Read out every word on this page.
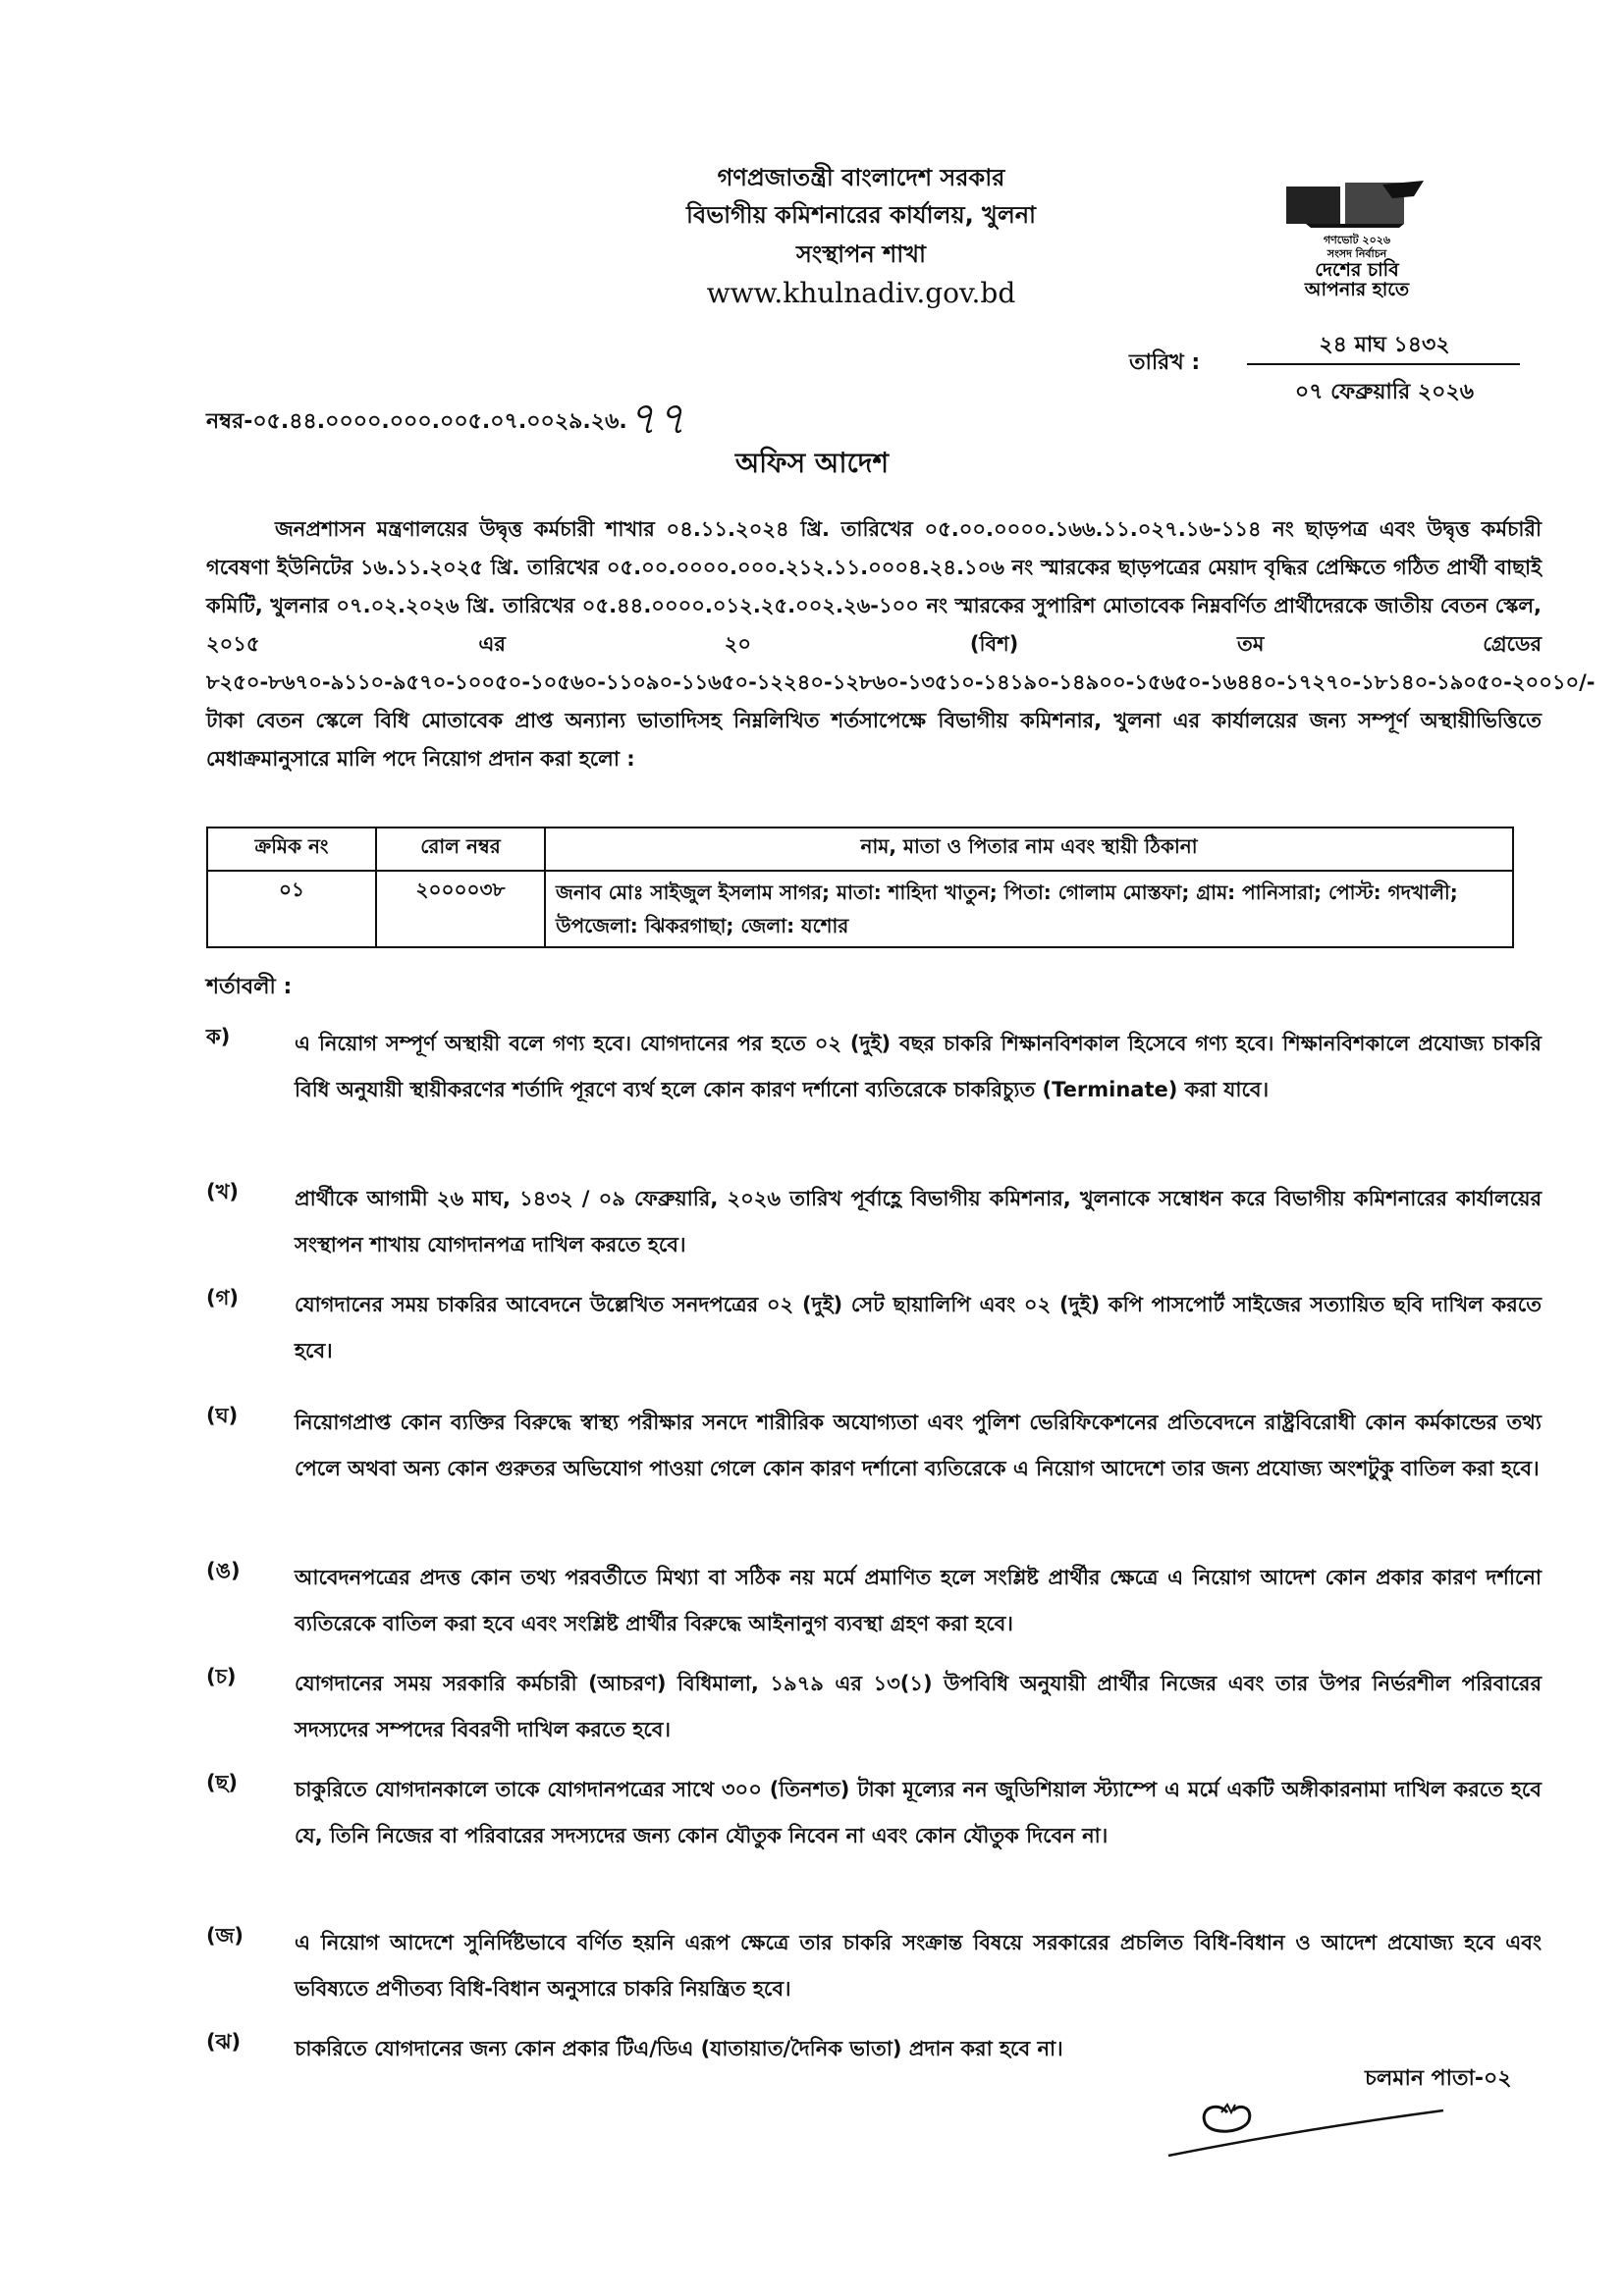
গণপ্রজাতন্ত্রী বাংলাদেশ সরকার
বিভাগীয় কমিশনারের কার্যালয়, খুলনা
সংস্থাপন শাখা
www.khulnadiv.gov.bd
গণভোট ২০২৬
সংসদ নির্বাচন
দেশের চাবি
আপনার হাতে
নম্বর-০৫.৪৪.০০০০.০০০.০০৫.০৭.০০২৯.২৬.৭৭
তারিখ :
২৪ মাঘ ১৪৩২
০৭ ফেব্রুয়ারি ২০২৬
অফিস আদেশ
জনপ্রশাসন মন্ত্রণালয়ের উদ্বৃত্ত কর্মচারী শাখার ০৪.১১.২০২৪ খ্রি. তারিখের ০৫.০০.০০০০.১৬৬.১১.০২৭.১৬-১১৪ নং ছাড়পত্র এবং উদ্বৃত্ত কর্মচারী গবেষণা ইউনিটের ১৬.১১.২০২৫ খ্রি. তারিখের ০৫.০০.০০০০.০০০.২১২.১১.০০০৪.২৪.১০৬ নং স্মারকের ছাড়পত্রের মেয়াদ বৃদ্ধির প্রেক্ষিতে গঠিত প্রার্থী বাছাই কমিটি, খুলনার ০৭.০২.২০২৬ খ্রি. তারিখের ০৫.৪৪.০০০০.০১২.২৫.০০২.২৬-১০০ নং স্মারকের সুপারিশ মোতাবেক নিম্নবর্ণিত প্রার্থীদেরকে জাতীয় বেতন স্কেল, ২০১৫ এর ২০ (বিশ) তম গ্রেডের ৮২৫০-৮৬৭০-৯১১০-৯৫৭০-১০০৫০-১০৫৬০-১১০৯০-১১৬৫০-১২২৪০-১২৮৬০-১৩৫১০-১৪১৯০-১৪৯০০-১৫৬৫০-১৬৪৪০-১৭২৭০-১৮১৪০-১৯০৫০-২০০১০/-টাকা বেতন স্কেলে বিধি মোতাবেক প্রাপ্ত অন্যান্য ভাতাদিসহ নিম্নলিখিত শর্তসাপেক্ষে বিভাগীয় কমিশনার, খুলনা এর কার্যালয়ের জন্য সম্পূর্ণ অস্থায়ীভিত্তিতে মেধাক্রমানুসারে মালি পদে নিয়োগ প্রদান করা হলো :
ক্রমিক নং	রোল নম্বর	নাম, মাতা ও পিতার নাম এবং স্থায়ী ঠিকানা
০১	২০০০০৩৮	জনাব মোঃ সাইজুল ইসলাম সাগর; মাতা: শাহিদা খাতুন; পিতা: গোলাম মোস্তফা; গ্রাম: পানিসারা; পোস্ট: গদখালী; উপজেলা: ঝিকরগাছা; জেলা: যশোর
শর্তাবলী :
ক)	এ নিয়োগ সম্পূর্ণ অস্থায়ী বলে গণ্য হবে। যোগদানের পর হতে ০২ (দুই) বছর চাকরি শিক্ষানবিশকাল হিসেবে গণ্য হবে। শিক্ষানবিশকালে প্রযোজ্য চাকরি বিধি অনুযায়ী স্থায়ীকরণের শর্তাদি পূরণে ব্যর্থ হলে কোন কারণ দর্শানো ব্যতিরেকে চাকরিচ্যুত (Terminate) করা যাবে।
(খ)	প্রার্থীকে আগামী ২৬ মাঘ, ১৪৩২ / ০৯ ফেব্রুয়ারি, ২০২৬ তারিখ পূর্বাহ্ণে বিভাগীয় কমিশনার, খুলনাকে সম্বোধন করে বিভাগীয় কমিশনারের কার্যালয়ের সংস্থাপন শাখায় যোগদানপত্র দাখিল করতে হবে।
(গ)	যোগদানের সময় চাকরির আবেদনে উল্লেখিত সনদপত্রের ০২ (দুই) সেট ছায়ালিপি এবং ০২ (দুই) কপি পাসপোর্ট সাইজের সত্যায়িত ছবি দাখিল করতে হবে।
(ঘ)	নিয়োগপ্রাপ্ত কোন ব্যক্তির বিরুদ্ধে স্বাস্থ্য পরীক্ষার সনদে শারীরিক অযোগ্যতা এবং পুলিশ ভেরিফিকেশনের প্রতিবেদনে রাষ্ট্রবিরোধী কোন কর্মকান্ডের তথ্য পেলে অথবা অন্য কোন গুরুতর অভিযোগ পাওয়া গেলে কোন কারণ দর্শানো ব্যতিরেকে এ নিয়োগ আদেশে তার জন্য প্রযোজ্য অংশটুকু বাতিল করা হবে।
(ঙ)	আবেদনপত্রের প্রদত্ত কোন তথ্য পরবর্তীতে মিথ্যা বা সঠিক নয় মর্মে প্রমাণিত হলে সংশ্লিষ্ট প্রার্থীর ক্ষেত্রে এ নিয়োগ আদেশ কোন প্রকার কারণ দর্শানো ব্যতিরেকে বাতিল করা হবে এবং সংশ্লিষ্ট প্রার্থীর বিরুদ্ধে আইনানুগ ব্যবস্থা গ্রহণ করা হবে।
(চ)	যোগদানের সময় সরকারি কর্মচারী (আচরণ) বিধিমালা, ১৯৭৯ এর ১৩(১) উপবিধি অনুযায়ী প্রার্থীর নিজের এবং তার উপর নির্ভরশীল পরিবারের সদস্যদের সম্পদের বিবরণী দাখিল করতে হবে।
(ছ)	চাকুরিতে যোগদানকালে তাকে যোগদানপত্রের সাথে ৩০০ (তিনশত) টাকা মূল্যের নন জুডিশিয়াল স্ট্যাম্পে এ মর্মে একটি অঙ্গীকারনামা দাখিল করতে হবে যে, তিনি নিজের বা পরিবারের সদস্যদের জন্য কোন যৌতুক নিবেন না এবং কোন যৌতুক দিবেন না।
(জ)	এ নিয়োগ আদেশে সুনির্দিষ্টভাবে বর্ণিত হয়নি এরূপ ক্ষেত্রে তার চাকরি সংক্রান্ত বিষয়ে সরকারের প্রচলিত বিধি-বিধান ও আদেশ প্রযোজ্য হবে এবং ভবিষ্যতে প্রণীতব্য বিধি-বিধান অনুসারে চাকরি নিয়ন্ত্রিত হবে।
(ঝ)	চাকরিতে যোগদানের জন্য কোন প্রকার টিএ/ডিএ (যাতায়াত/দৈনিক ভাতা) প্রদান করা হবে না।
চলমান পাতা-০২
